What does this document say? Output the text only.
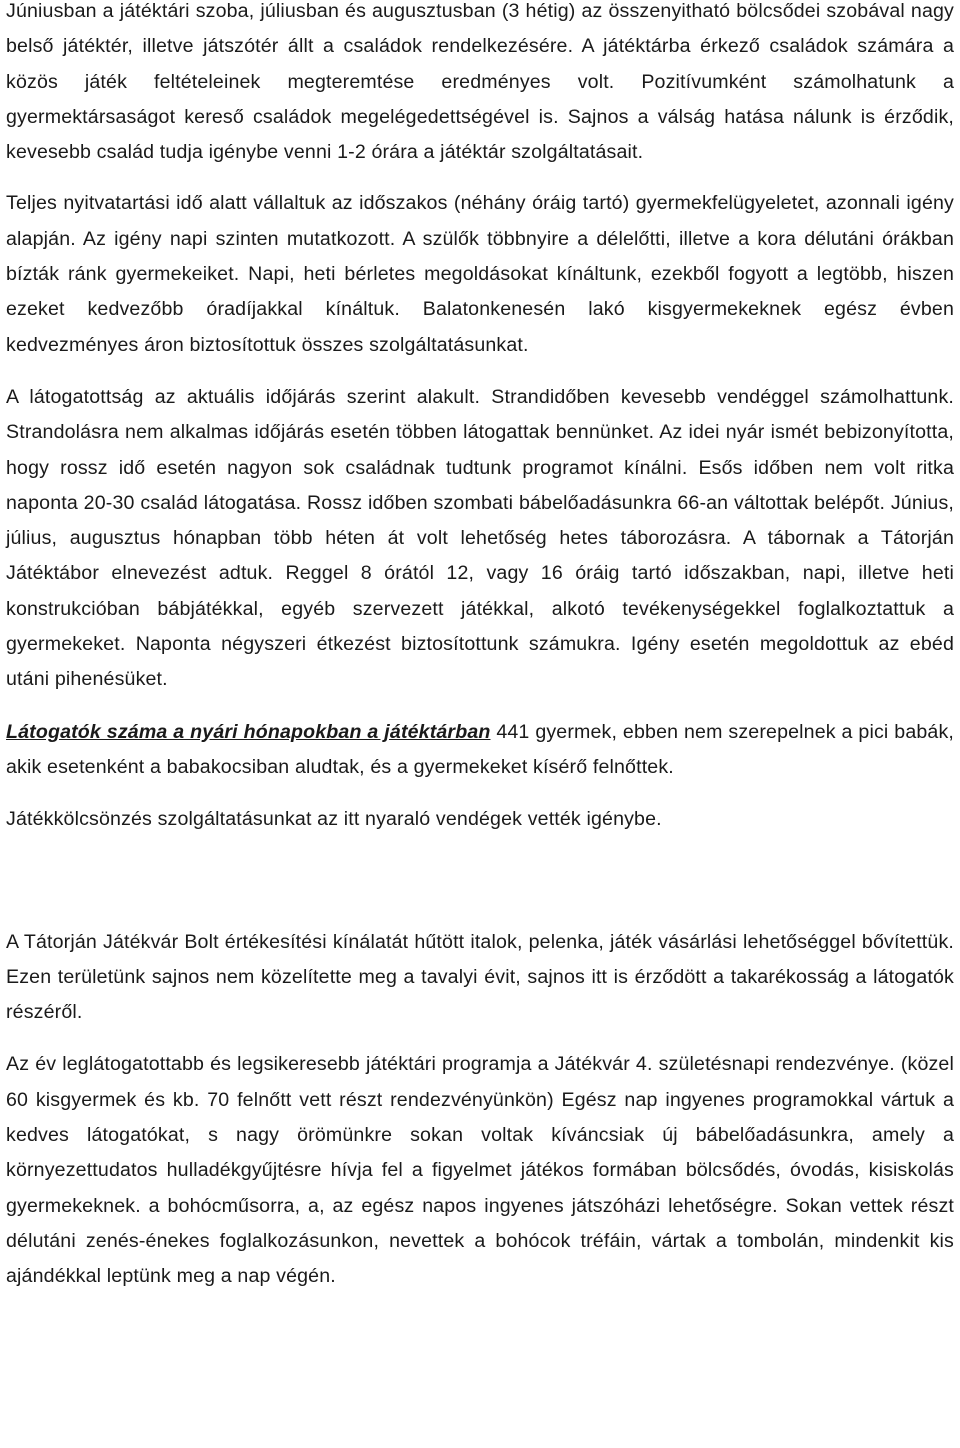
Júniusban a játéktári szoba, júliusban és augusztusban (3 hétig) az összenyitható bölcsődei szobával nagy belső játéktér, illetve játszótér állt a családok rendelkezésére. A játéktárba érkező családok számára a közös játék feltételeinek megteremtése eredményes volt. Pozitívumként számolhatunk a gyermektársaságot kereső családok megelégedettségével is. Sajnos a válság hatása nálunk is érződik, kevesebb család tudja igénybe venni 1-2 órára a játéktár szolgáltatásait.

Teljes nyitvatartási idő alatt vállaltuk az időszakos (néhány óráig tartó) gyermekfelügyeletet, azonnali igény alapján. Az igény napi szinten mutatkozott. A szülők többnyire a délelőtti, illetve a kora délutáni órákban bízták ránk gyermekeiket. Napi, heti bérletes megoldásokat kínáltunk, ezekből fogyott a legtöbb, hiszen ezeket kedvezőbb óradíjakkal kínáltuk. Balatonkenesén lakó kisgyermekeknek egész évben kedvezményes áron biztosítottuk összes szolgáltatásunkat.

A látogatottság az aktuális időjárás szerint alakult. Strandidőben kevesebb vendéggel számolhattunk. Strandolásra nem alkalmas időjárás esetén többen látogattak bennünket. Az idei nyár ismét bebizonyította, hogy rossz idő esetén nagyon sok családnak tudtunk programot kínálni. Esős időben nem volt ritka naponta 20-30 család látogatása. Rossz időben szombati bábelőadásunkra 66-an váltottak belépőt. Június, július, augusztus hónapban több héten át volt lehetőség hetes táborozásra. A tábornak a Tátorján Játéktábor elnevezést adtuk. Reggel 8 órától 12, vagy 16 óráig tartó időszakban, napi, illetve heti konstrukcióban bábjátékkal, egyéb szervezett játékkal, alkotó tevékenységekkel foglalkoztattuk a gyermekeket. Naponta négyszeri étkezést biztosítottunk számukra. Igény esetén megoldottuk az ebéd utáni pihenésüket.

Látogatók száma a nyári hónapokban a játéktárban 441 gyermek, ebben nem szerepelnek a pici babák, akik esetenként a babakocsiban aludtak, és a gyermekeket kísérő felnőttek.

Játékkölcsönzés szolgáltatásunkat az itt nyaraló vendégek vették igénybe.

A Tátorján Játékvár Bolt értékesítési kínálatát hűtött italok, pelenka, játék vásárlási lehetőséggel bővítettük. Ezen területünk sajnos nem közelítette meg a tavalyi évit, sajnos itt is érződött a takarékosság a látogatók részéről.

Az év leglátogatottabb és legsikeresebb játéktári programja a Játékvár 4. születésnapi rendezvénye. (közel 60 kisgyermek és kb. 70 felnőtt vett részt rendezvényünkön) Egész nap ingyenes programokkal vártuk a kedves látogatókat, s nagy örömünkre sokan voltak kíváncsiak új bábelőadásunkra, amely a környezettudatos hulladékgyűjtésre hívja fel a figyelmet játékos formában bölcsődés, óvodás, kisiskolás gyermekeknek. a bohócműsorra, a, az egész napos ingyenes játszóházi lehetőségre. Sokan vettek részt délutáni zenés-énekes foglalkozásunkon, nevettek a bohócok tréfáin, vártak a tombolán, mindenkit kis ajándékkal leptünk meg a nap végén.
